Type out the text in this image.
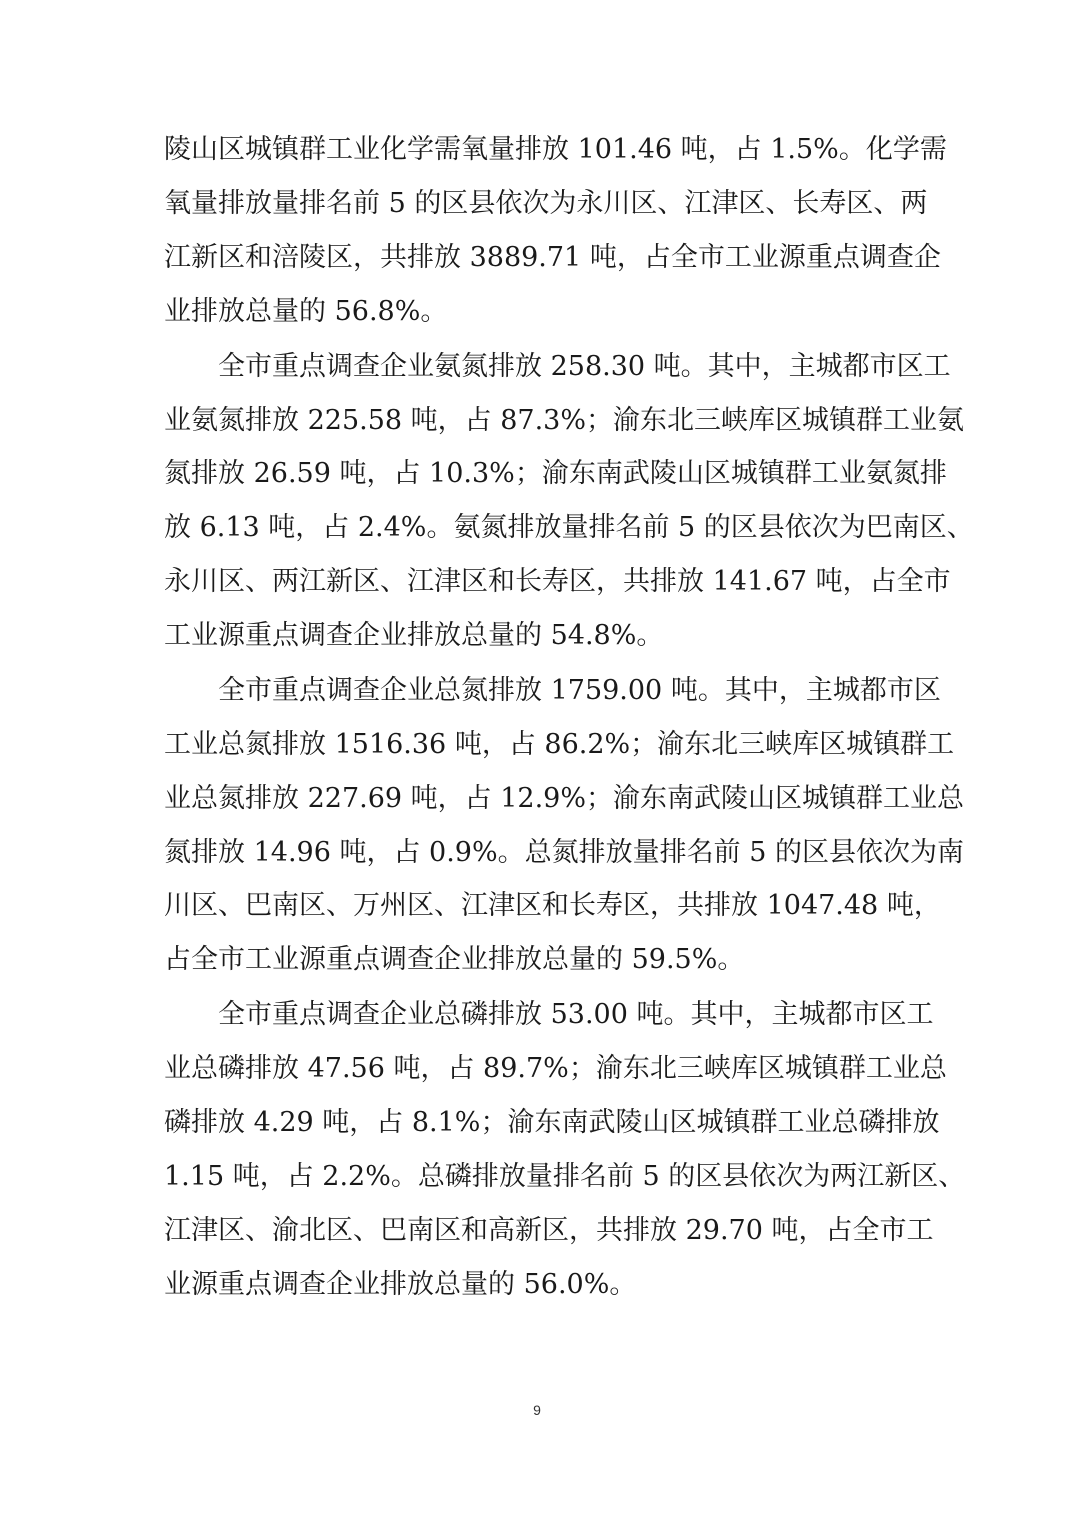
陵山区城镇群工业化学需氧量排放 101.46 吨，占 1.5%。化学需
氧量排放量排名前 5 的区县依次为永川区、江津区、长寿区、两
江新区和涪陵区，共排放 3889.71 吨，占全市工业源重点调查企
业排放总量的 56.8%。
全市重点调查企业氨氮排放 258.30 吨。其中，主城都市区工
业氨氮排放 225.58 吨，占 87.3%；渝东北三峡库区城镇群工业氨
氮排放 26.59 吨，占 10.3%；渝东南武陵山区城镇群工业氨氮排
放 6.13 吨，占 2.4%。氨氮排放量排名前 5 的区县依次为巴南区、
永川区、两江新区、江津区和长寿区，共排放 141.67 吨，占全市
工业源重点调查企业排放总量的 54.8%。
全市重点调查企业总氮排放 1759.00 吨。其中，主城都市区
工业总氮排放 1516.36 吨，占 86.2%；渝东北三峡库区城镇群工
业总氮排放 227.69 吨，占 12.9%；渝东南武陵山区城镇群工业总
氮排放 14.96 吨，占 0.9%。总氮排放量排名前 5 的区县依次为南
川区、巴南区、万州区、江津区和长寿区，共排放 1047.48 吨，
占全市工业源重点调查企业排放总量的 59.5%。
全市重点调查企业总磷排放 53.00 吨。其中，主城都市区工
业总磷排放 47.56 吨，占 89.7%；渝东北三峡库区城镇群工业总
磷排放 4.29 吨，占 8.1%；渝东南武陵山区城镇群工业总磷排放
1.15 吨，占 2.2%。总磷排放量排名前 5 的区县依次为两江新区、
江津区、渝北区、巴南区和高新区，共排放 29.70 吨，占全市工
业源重点调查企业排放总量的 56.0%。
9
